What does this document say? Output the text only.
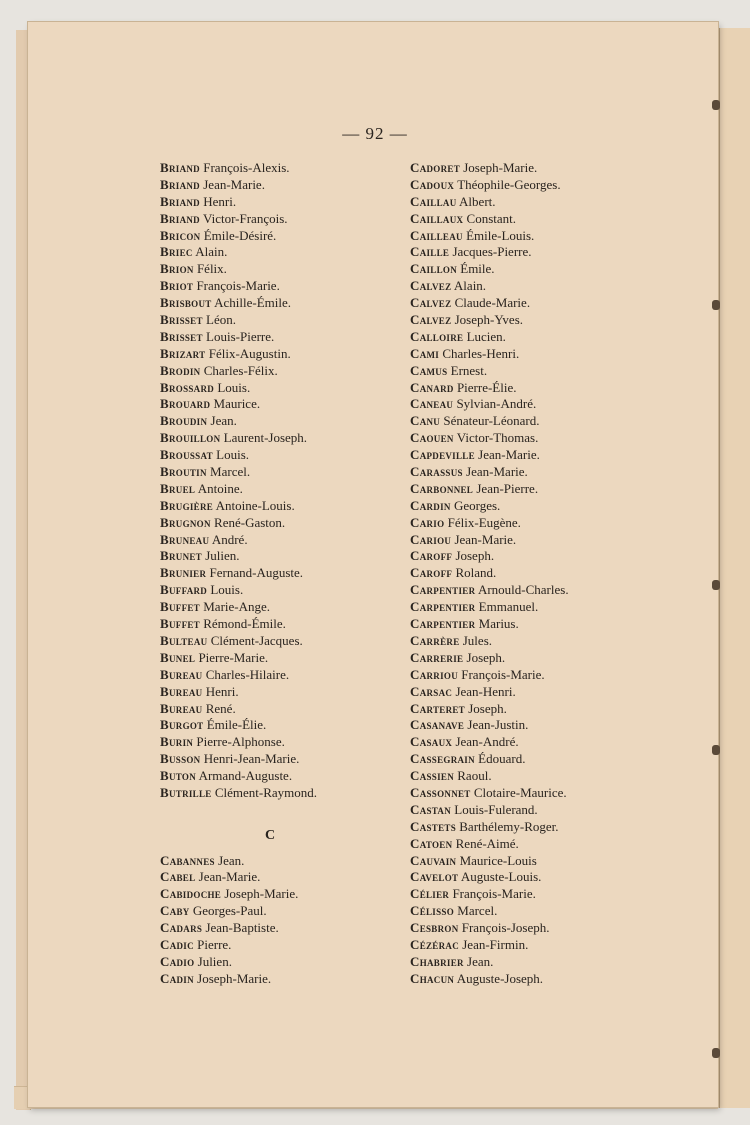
— 92 —
Briand François-Alexis.
Briand Jean-Marie.
Briand Henri.
Briand Victor-François.
Bricon Émile-Désiré.
Briec Alain.
Brion Félix.
Briot François-Marie.
Brisbout Achille-Émile.
Brisset Léon.
Brisset Louis-Pierre.
Brizart Félix-Augustin.
Brodin Charles-Félix.
Brossard Louis.
Brouard Maurice.
Broudin Jean.
Brouillon Laurent-Joseph.
Broussat Louis.
Broutin Marcel.
Bruel Antoine.
Brugière Antoine-Louis.
Brugnon René-Gaston.
Bruneau André.
Brunet Julien.
Brunier Fernand-Auguste.
Buffard Louis.
Buffet Marie-Ange.
Buffet Rémond-Émile.
Bulteau Clément-Jacques.
Bunel Pierre-Marie.
Bureau Charles-Hilaire.
Bureau Henri.
Bureau René.
Burgot Émile-Élie.
Burin Pierre-Alphonse.
Busson Henri-Jean-Marie.
Buton Armand-Auguste.
Butrille Clément-Raymond.
C
Cabannes Jean.
Cabel Jean-Marie.
Cabidoche Joseph-Marie.
Caby Georges-Paul.
Cadars Jean-Baptiste.
Cadic Pierre.
Cadio Julien.
Cadin Joseph-Marie.
Cadoret Joseph-Marie.
Cadoux Théophile-Georges.
Caillau Albert.
Caillaux Constant.
Cailleau Émile-Louis.
Caille Jacques-Pierre.
Caillon Émile.
Calvez Alain.
Calvez Claude-Marie.
Calvez Joseph-Yves.
Calloire Lucien.
Cami Charles-Henri.
Camus Ernest.
Canard Pierre-Élie.
Caneau Sylvian-André.
Canu Sénateur-Léonard.
Caouen Victor-Thomas.
Capdeville Jean-Marie.
Carassus Jean-Marie.
Carbonnel Jean-Pierre.
Cardin Georges.
Cario Félix-Eugène.
Cariou Jean-Marie.
Caroff Joseph.
Caroff Roland.
Carpentier Arnould-Charles.
Carpentier Emmanuel.
Carpentier Marius.
Carrère Jules.
Carrerie Joseph.
Carriou François-Marie.
Carsac Jean-Henri.
Carteret Joseph.
Casanave Jean-Justin.
Casaux Jean-André.
Cassegrain Édouard.
Cassien Raoul.
Cassonnet Clotaire-Maurice.
Castan Louis-Fulerand.
Castets Barthélemy-Roger.
Catoen René-Aimé.
Cauvain Maurice-Louis
Cavelot Auguste-Louis.
Célier François-Marie.
Célisso Marcel.
Cesbron François-Joseph.
Cézérac Jean-Firmin.
Chabrier Jean.
Chacun Auguste-Joseph.
